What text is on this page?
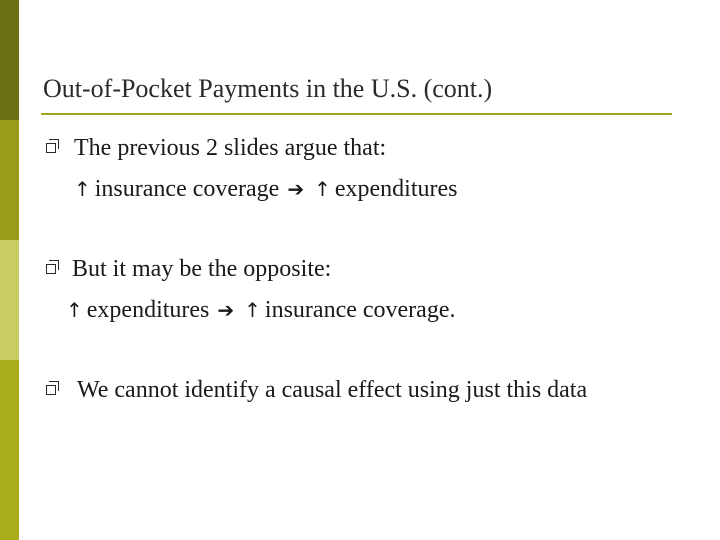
Out-of-Pocket Payments in the U.S. (cont.)
The previous 2 slides argue that:
↑ insurance coverage ➔ ↑ expenditures
But it may be the opposite:
↑ expenditures ➔ ↑ insurance coverage.
We cannot identify a causal effect using just this data
